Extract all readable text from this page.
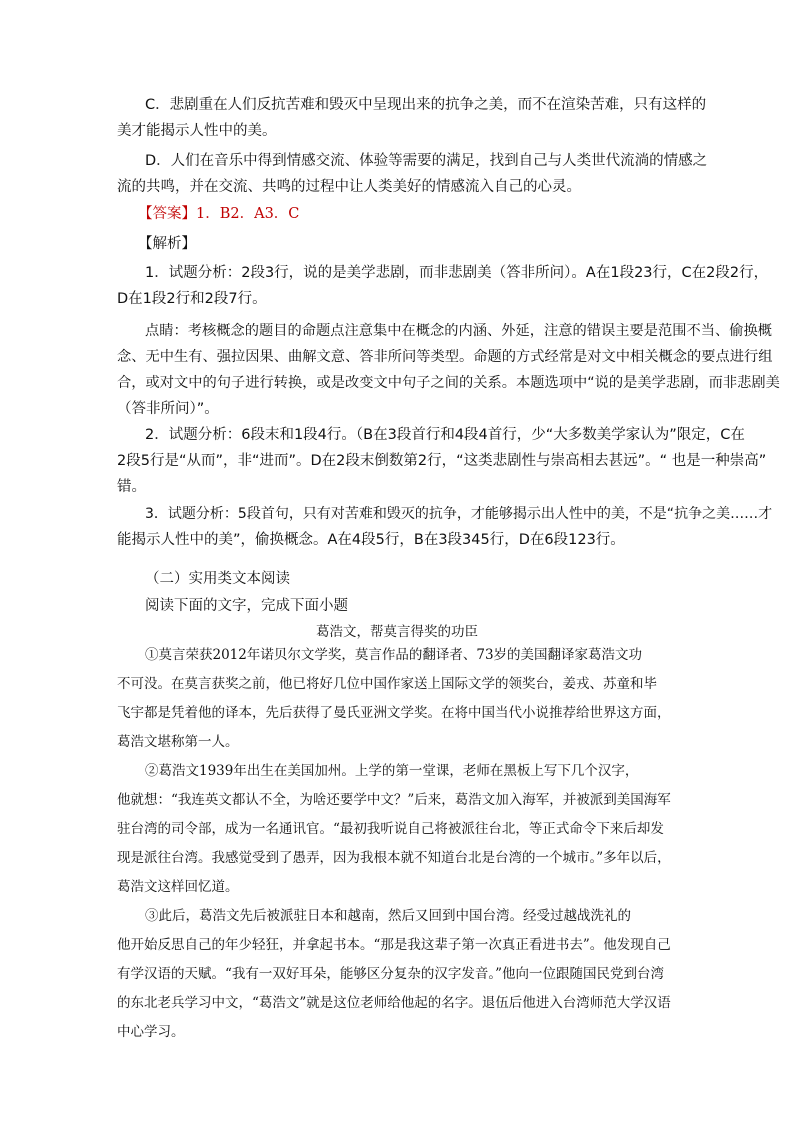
C．悲剧重在人们反抗苦难和毁灭中呈现出来的抗争之美，而不在渲染苦难，只有这样的

美才能揭示人性中的美。

D．人们在音乐中得到情感交流、体验等需要的满足，找到自己与人类世代流淌的情感之

流的共鸣，并在交流、共鸣的过程中让人类美好的情感流入自己的心灵。

【答案】1．B2．A3．C

【解析】

1．试题分析：2段3行，说的是美学悲剧，而非悲剧美（答非所问）。A在1段23行，C在2段2行，

D在1段2行和2段7行。

点睛：考核概念的题目的命题点注意集中在概念的内涵、外延，注意的错误主要是范围不当、偷换概

念、无中生有、强拉因果、曲解文意、答非所问等类型。命题的方式经常是对文中相关概念的要点进行组

合，或对文中的句子进行转换，或是改变文中句子之间的关系。本题选项中“说的是美学悲剧，而非悲剧美

（答非所问）”。

2．试题分析：6段末和1段4行。（B在3段首行和4段4首行，少“大多数美学家认为”限定，C在

2段5行是“从而”，非“进而”。D在2段末倒数第2行，“这类悲剧性与崇高相去甚远”。“ 也是一种崇高”

错。

3．试题分析：5段首句，只有对苦难和毁灭的抗争，才能够揭示出人性中的美，不是“抗争之美……才

能揭示人性中的美”，偷换概念。A在4段5行，B在3段345行，D在6段123行。

（二）实用类文本阅读

阅读下面的文字，完成下面小题

葛浩文，帮莫言得奖的功臣

①莫言荣获2012年诺贝尔文学奖，莫言作品的翻译者、73岁的美国翻译家葛浩文功

不可没。在莫言获奖之前，他已将好几位中国作家送上国际文学的领奖台，姜戎、苏童和毕

飞宇都是凭着他的译本，先后获得了曼氏亚洲文学奖。在将中国当代小说推荐给世界这方面，

葛浩文堪称第一人。

②葛浩文1939年出生在美国加州。上学的第一堂课，老师在黑板上写下几个汉字，

他就想：“我连英文都认不全，为啥还要学中文？”后来，葛浩文加入海军，并被派到美国海军

驻台湾的司令部，成为一名通讯官。“最初我听说自己将被派往台北，等正式命令下来后却发

现是派往台湾。我感觉受到了愚弄，因为我根本就不知道台北是台湾的一个城市。”多年以后，

葛浩文这样回忆道。

③此后，葛浩文先后被派驻日本和越南，然后又回到中国台湾。经受过越战洗礼的

他开始反思自己的年少轻狂，并拿起书本。“那是我这辈子第一次真正看进书去”。他发现自己

有学汉语的天赋。“我有一双好耳朵，能够区分复杂的汉字发音。”他向一位跟随国民党到台湾

的东北老兵学习中文，“葛浩文”就是这位老师给他起的名字。退伍后他进入台湾师范大学汉语

中心学习。
